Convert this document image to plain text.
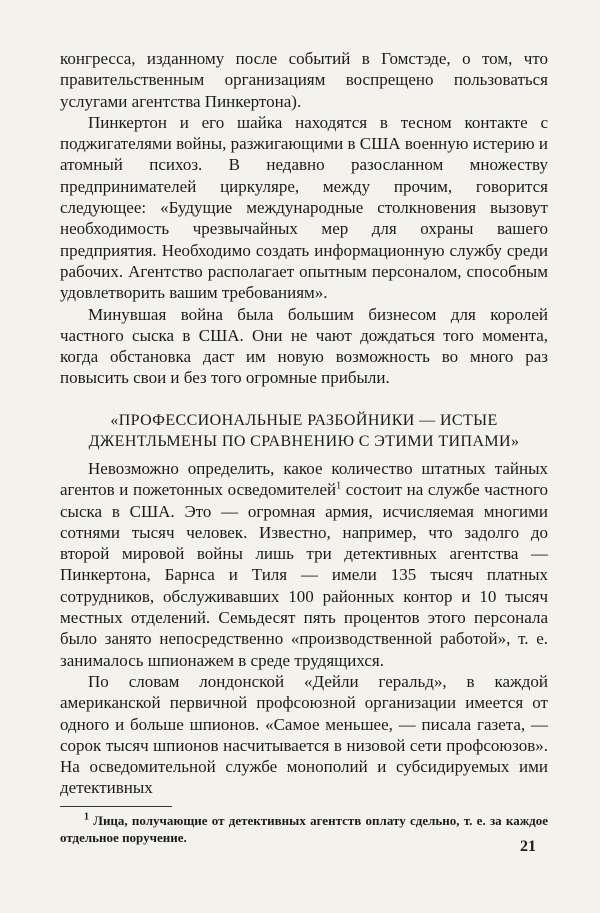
конгресса, изданному после событий в Гомстэде, о том, что правительственным организациям воспрещено пользоваться услугами агентства Пинкертона).

Пинкертон и его шайка находятся в тесном контакте с поджигателями войны, разжигающими в США военную истерию и атомный психоз. В недавно разосланном множеству предпринимателей циркуляре, между прочим, говорится следующее: «Будущие международные столкновения вызовут необходимость чрезвычайных мер для охраны вашего предприятия. Необходимо создать информационную службу среди рабочих. Агентство располагает опытным персоналом, способным удовлетворить вашим требованиям».

Минувшая война была большим бизнесом для королей частного сыска в США. Они не чают дождаться того момента, когда обстановка даст им новую возможность во много раз повысить свои и без того огромные прибыли.

«ПРОФЕССИОНАЛЬНЫЕ РАЗБОЙНИКИ — ИСТЫЕ
ДЖЕНТЛЬМЕНЫ ПО СРАВНЕНИЮ С ЭТИМИ ТИПАМИ»

Невозможно определить, какое количество штатных тайных агентов и пожетонных осведомителей$^1$ состоит на службе частного сыска в США. Это — огромная армия, исчисляемая многими сотнями тысяч человек. Известно, например, что задолго до второй мировой войны лишь три детективных агентства — Пинкертона, Барнса и Тиля — имели 135 тысяч платных сотрудников, обслуживавших 100 районных контор и 10 тысяч местных отделений. Семьдесят пять процентов этого персонала было занято непосредственно «производственной работой», т. е. занималось шпионажем в среде трудящихся.

По словам лондонской «Дейли геральд», в каждой американской первичной профсоюзной организации имеется от одного и больше шпионов. «Самое меньшее, — писала газета, — сорок тысяч шпионов насчитывается в низовой сети профсоюзов». На осведомительной службе монополий и субсидируемых ими детективных

$^1$ Лица, получающие от детективных агентств оплату сдельно, т. е. за каждое отдельное поручение.
21
